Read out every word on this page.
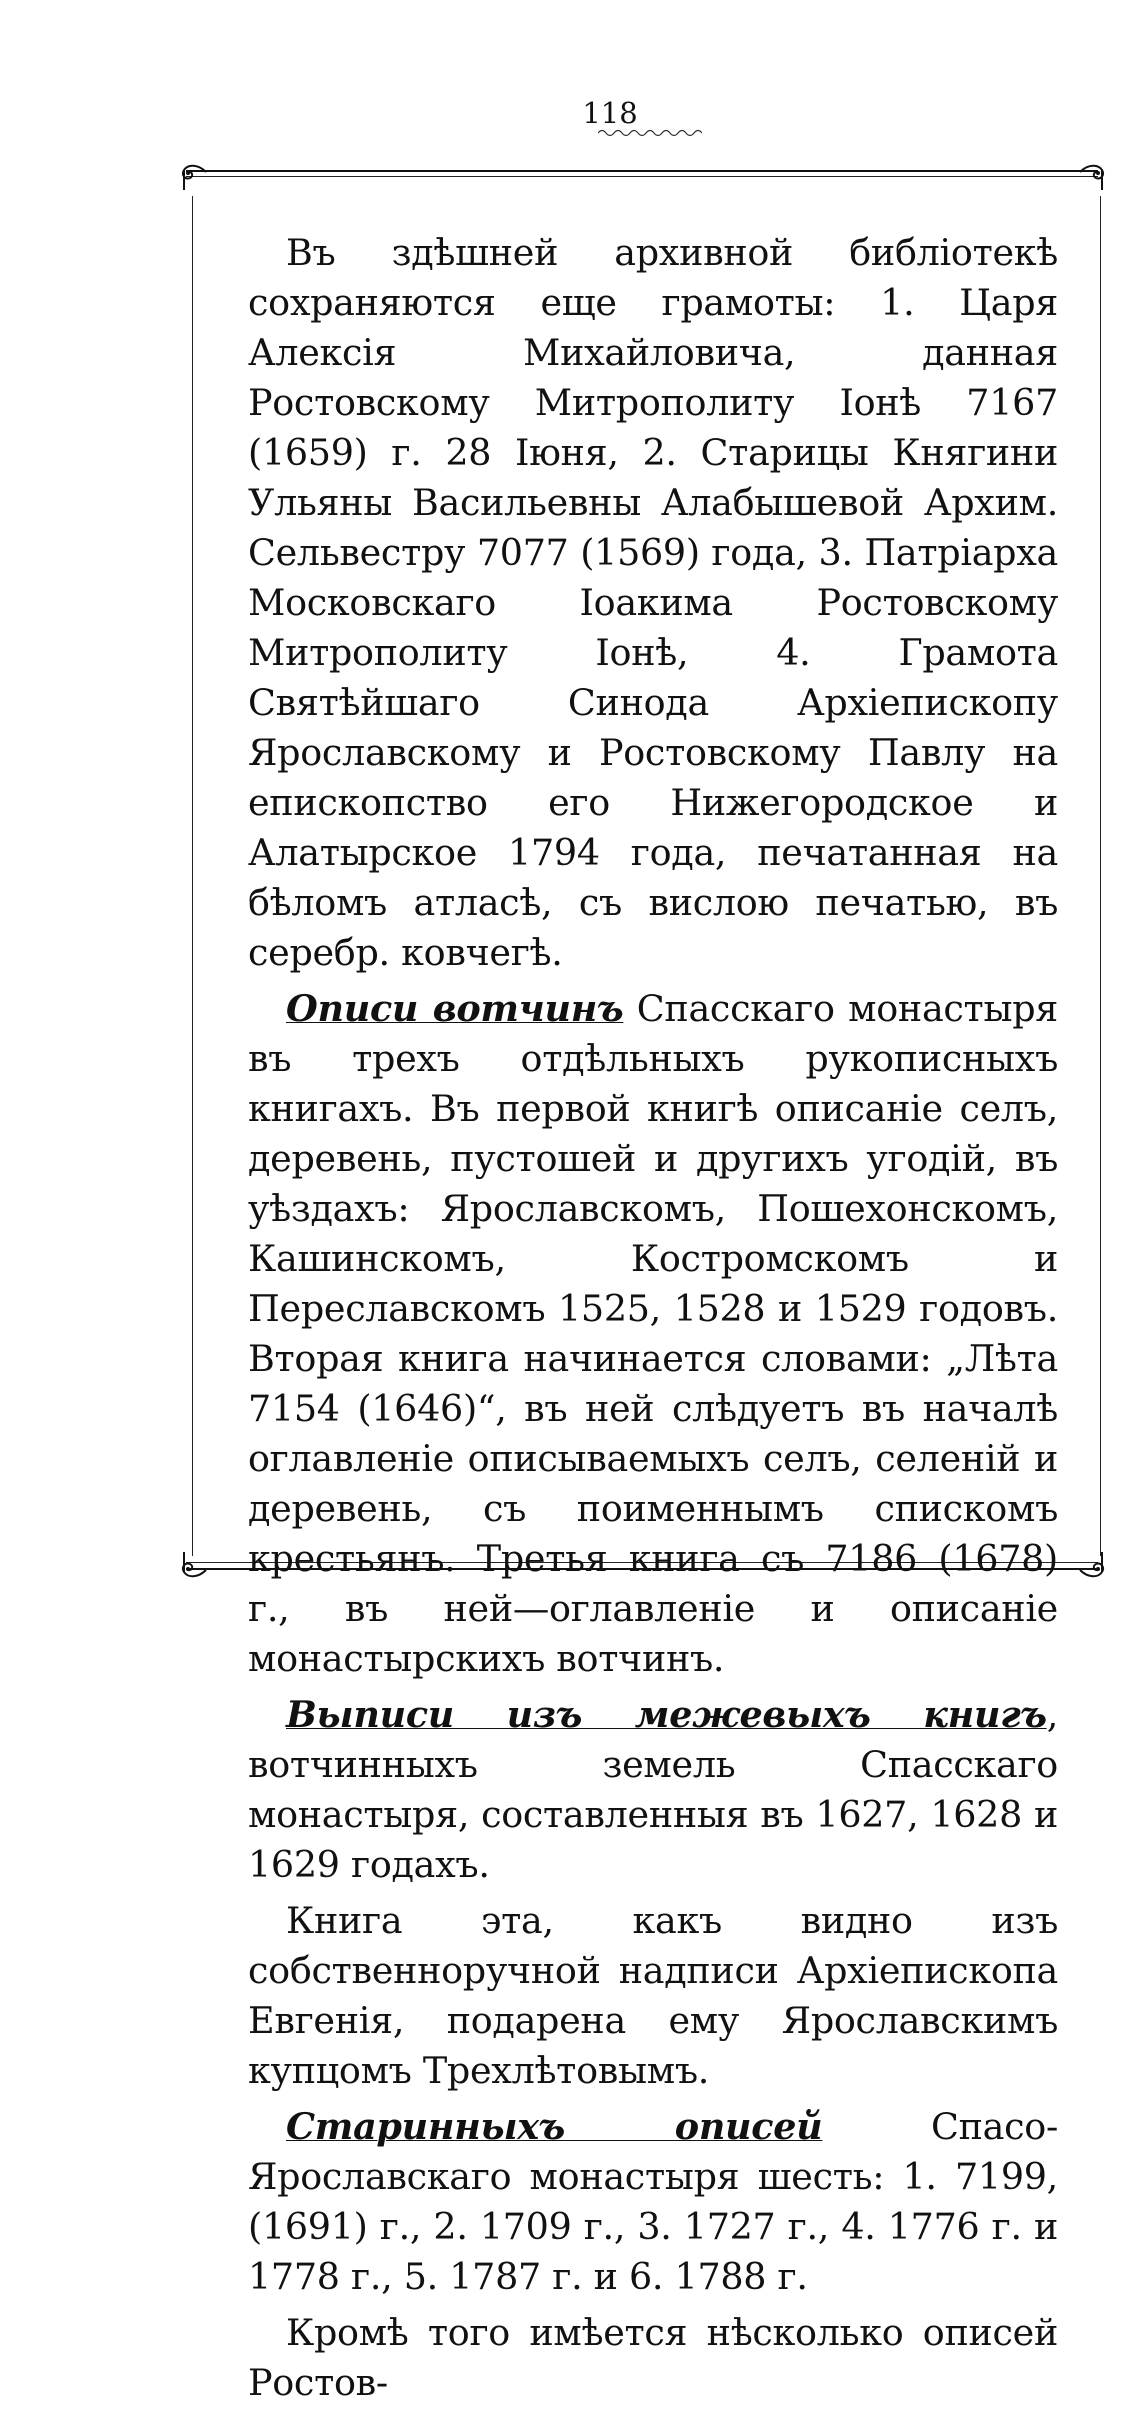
118

Въ здѣшней архивной библіотекѣ сохраняются еще грамоты: 1. Царя Алексія Михайловича, данная Ростовскому Митрополиту Іонѣ 7167 (1659) г. 28 Іюня, 2. Старицы Княгини Ульяны Васильевны Алабышевой Архим. Сельвестру 7077 (1569) года, 3. Патріарха Московскаго Іоакима Ростовскому Митрополиту Іонѣ, 4. Грамота Святѣйшаго Синода Архіепископу Ярославскому и Ростовскому Павлу на епископство его Нижегородское и Алатырское 1794 года, печатанная на бѣломъ атласѣ, съ вислою печатью, въ серебр. ковчегѣ.

Описи вотчинъ Спасскаго монастыря въ трехъ отдѣльныхъ рукописныхъ книгахъ. Въ первой книгѣ описаніе селъ, деревень, пустошей и другихъ угодій, въ уѣздахъ: Ярославскомъ, Пошехонскомъ, Кашинскомъ, Костромскомъ и Переславскомъ 1525, 1528 и 1529 годовъ. Вторая книга начинается словами: „Лѣта 7154 (1646)“, въ ней слѣдуетъ въ началѣ оглавленіе описываемыхъ селъ, селеній и деревень, съ поименнымъ спискомъ крестьянъ. Третья книга съ 7186 (1678) г., въ ней—оглавленіе и описаніе монастырскихъ вотчинъ.

Выписи изъ межевыхъ книгъ, вотчинныхъ земель Спасскаго монастыря, составленныя въ 1627, 1628 и 1629 годахъ.

Книга эта, какъ видно изъ собственноручной надписи Архіепископа Евгенія, подарена ему Ярославскимъ купцомъ Трехлѣтовымъ.

Старинныхъ описей Спасо-Ярославскаго монастыря шесть: 1. 7199, (1691) г., 2. 1709 г., 3. 1727 г., 4. 1776 г. и 1778 г., 5. 1787 г. и 6. 1788 г.

Кромѣ того имѣется нѣсколько описей Ростов-
